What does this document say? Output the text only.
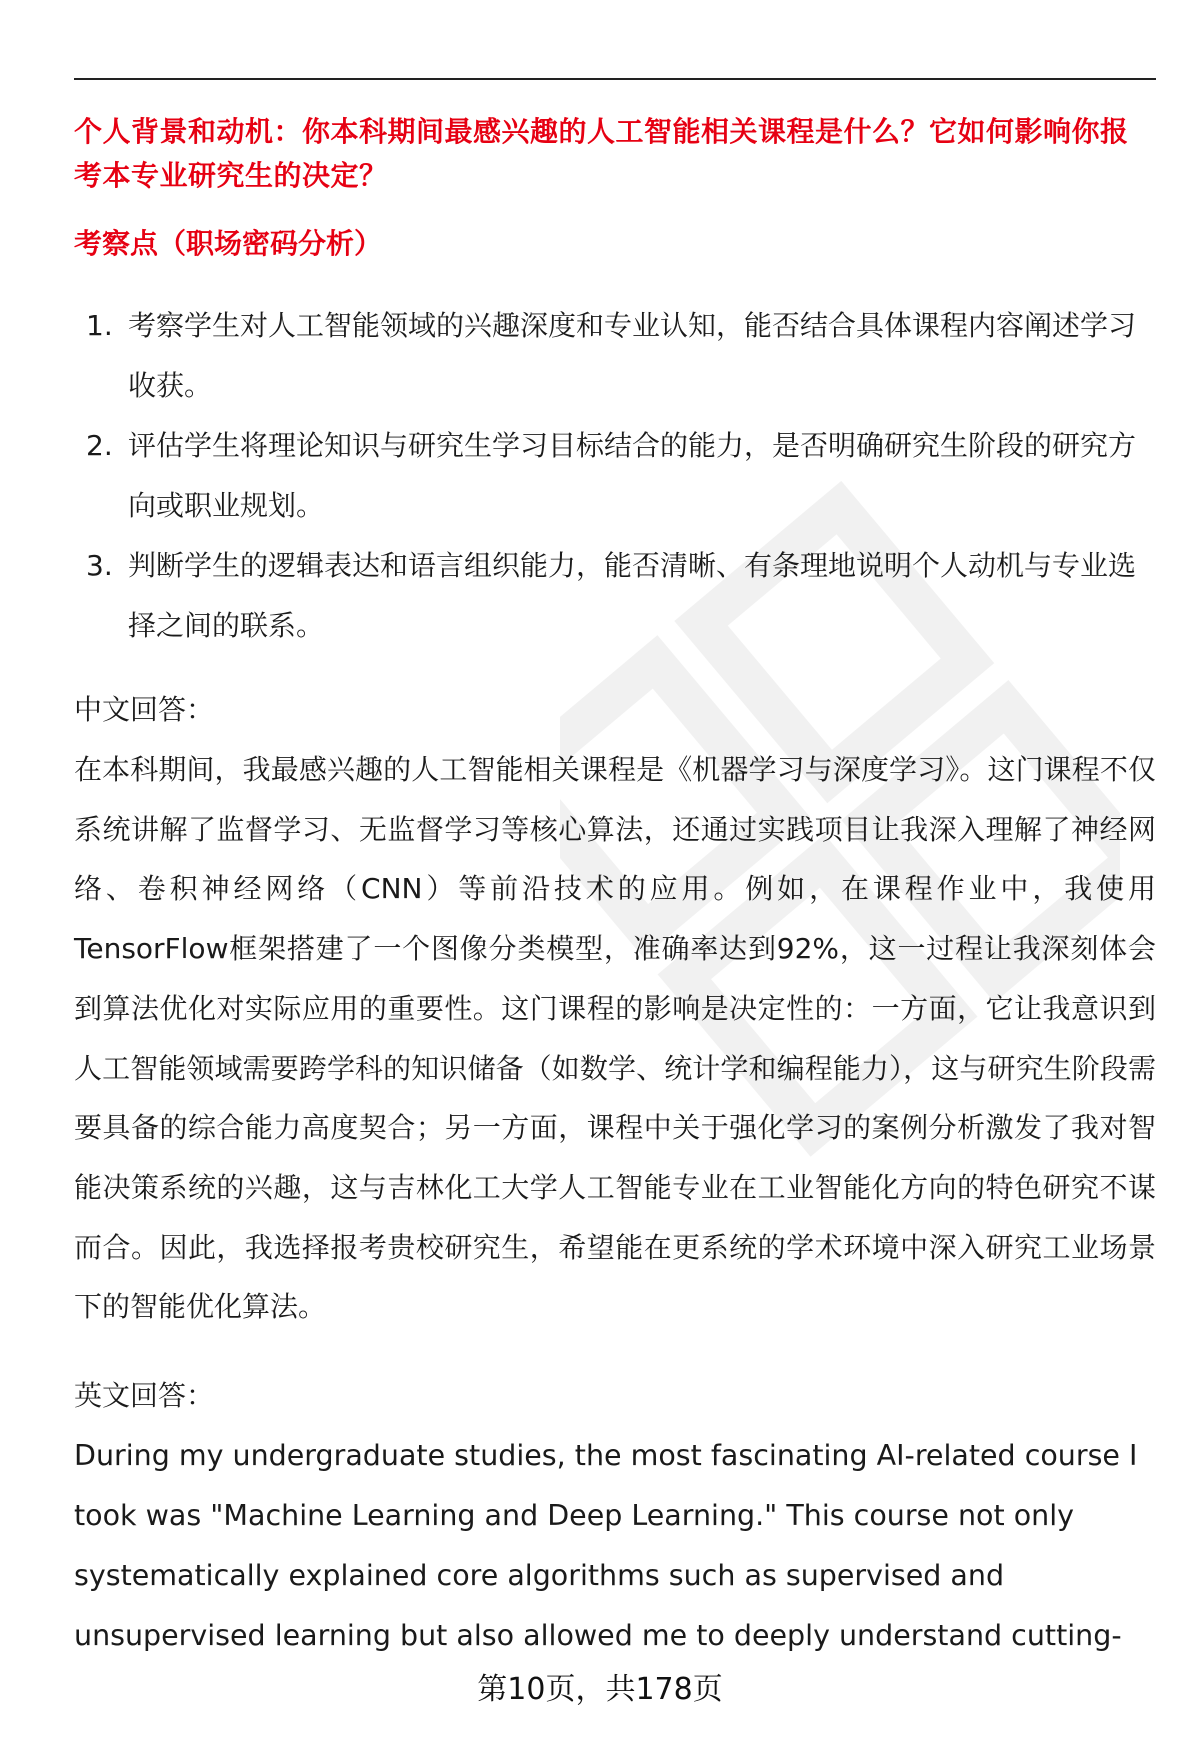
个人背景和动机：你本科期间最感兴趣的人工智能相关课程是什么？它如何影响你报考本专业研究生的决定？
考察点（职场密码分析）
1. 考察学生对人工智能领域的兴趣深度和专业认知，能否结合具体课程内容阐述学习收获。
2. 评估学生将理论知识与研究生学习目标结合的能力，是否明确研究生阶段的研究方向或职业规划。
3. 判断学生的逻辑表达和语言组织能力，能否清晰、有条理地说明个人动机与专业选择之间的联系。
中文回答：

在本科期间，我最感兴趣的人工智能相关课程是《机器学习与深度学习》。这门课程不仅系统讲解了监督学习、无监督学习等核心算法，还通过实践项目让我深入理解了神经网络、卷积神经网络（CNN）等前沿技术的应用。例如，在课程作业中，我使用TensorFlow框架搭建了一个图像分类模型，准确率达到92%，这一过程让我深刻体会到算法优化对实际应用的重要性。这门课程的影响是决定性的：一方面，它让我意识到人工智能领域需要跨学科的知识储备（如数学、统计学和编程能力），这与研究生阶段需要具备的综合能力高度契合；另一方面，课程中关于强化学习的案例分析激发了我对智能决策系统的兴趣，这与吉林化工大学人工智能专业在工业智能化方向的特色研究不谋而合。因此，我选择报考贵校研究生，希望能在更系统的学术环境中深入研究工业场景下的智能优化算法。

英文回答：
During my undergraduate studies, the most fascinating AI-related course I
took was "Machine Learning and Deep Learning." This course not only
systematically explained core algorithms such as supervised and
unsupervised learning but also allowed me to deeply understand cutting-
第10页，共178页
